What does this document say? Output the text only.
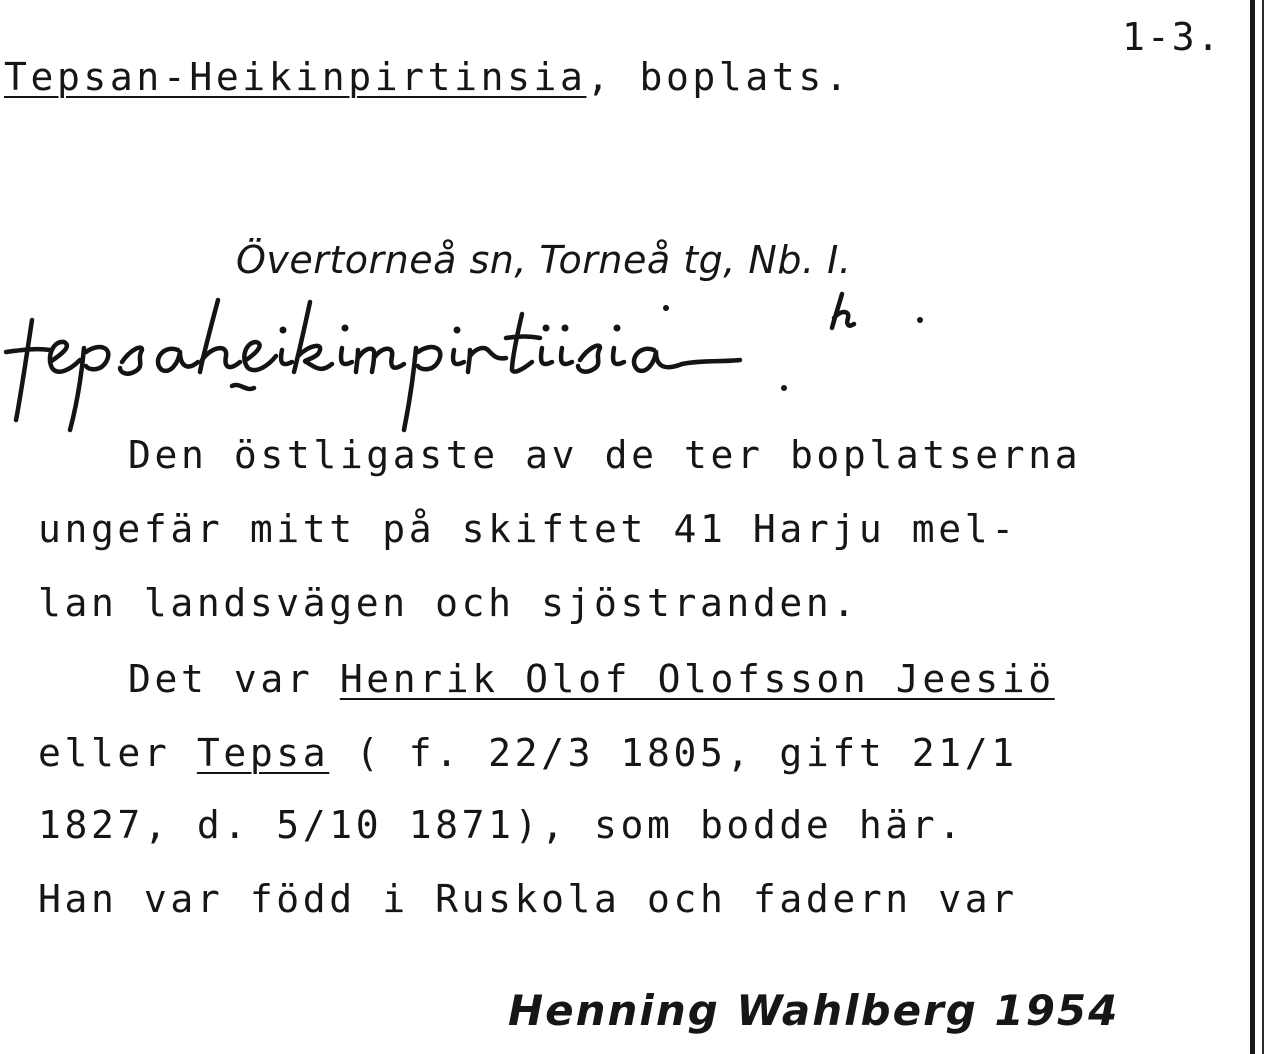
1-3.
Tepsan-Heikinpirtinsia, boplats.
Övertorneå sn, Torneå tg, Nb. I.
Den östligaste av de ter boplatserna
ungefär mitt på skiftet 41 Harju mel-
lan landsvägen och sjöstranden.
Det var Henrik Olof Olofsson Jeesiö
eller Tepsa ( f. 22/3 1805, gift 21/1
1827, d. 5/10 1871), som bodde här.
Han var född i Ruskola och fadern var
Henning Wahlberg 1954
